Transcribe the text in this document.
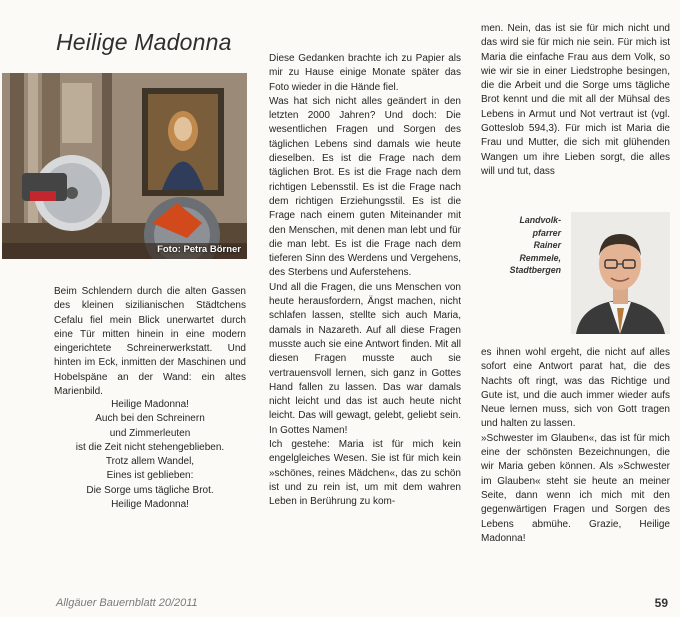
Heilige Madonna
Foto: Petra Börner

Beim Schlendern durch die alten Gassen des kleinen sizilianischen Städtchens Cefalu fiel mein Blick unerwartet durch eine Tür mitten hinein in eine modern eingerichtete Schreinerwerkstatt. Und hinten im Eck, inmitten der Maschinen und Hobelspäne an der Wand: ein altes Marienbild.

Heilige Madonna!
Auch bei den Schreinern
und Zimmerleuten
ist die Zeit nicht stehengeblieben.
Trotz allem Wandel,
Eines ist geblieben:
Die Sorge ums tägliche Brot.
Heilige Madonna!

Diese Gedanken brachte ich zu Papier als mir zu Hause einige Monate später das Foto wieder in die Hände fiel.

Was hat sich nicht alles geändert in den letzten 2000 Jahren? Und doch: Die wesentlichen Fragen und Sorgen des täglichen Lebens sind damals wie heute dieselben. Es ist die Frage nach dem täglichen Brot. Es ist die Frage nach dem richtigen Lebensstil. Es ist die Frage nach dem richtigen Erziehungsstil. Es ist die Frage nach einem guten Miteinander mit den Menschen, mit denen man lebt und für die man lebt. Es ist die Frage nach dem tieferen Sinn des Werdens und Vergehens, des Sterbens und Auferstehens.

Und all die Fragen, die uns Menschen von heute herausfordern, Ängst machen, nicht schlafen lassen, stellte sich auch Maria, damals in Nazareth. Auf all diese Fragen musste auch sie eine Antwort finden. Mit all diesen Fragen musste auch sie vertrauensvoll lernen, sich ganz in Gottes Hand fallen zu lassen. Das war damals nicht leicht und das ist auch heute nicht leicht. Das will gewagt, gelebt, geliebt sein. In Gottes Namen!

Ich gestehe: Maria ist für mich kein engelgleiches Wesen. Sie ist für mich kein »schönes, reines Mädchen«, das zu schön ist und zu rein ist, um mit dem wahren Leben in Berührung zu kom-

men. Nein, das ist sie für mich nicht und das wird sie für mich nie sein. Für mich ist Maria die einfache Frau aus dem Volk, so wie wir sie in einer Liedstrophe besingen, die die Arbeit und die Sorge ums tägliche Brot kennt und die mit all der Mühsal des Lebens in Armut und Not vertraut ist (vgl. Gotteslob 594,3). Für mich ist Maria die Frau und Mutter, die sich mit glühenden Wangen um ihre Lieben sorgt, die alles will und tut, dass

Landvolk-
pfarrer
Rainer
Remmele,
Stadtbergen

es ihnen wohl ergeht, die nicht auf alles sofort eine Antwort parat hat, die des Nachts oft ringt, was das Richtige und Gute ist, und die auch immer wieder aufs Neue lernen muss, sich von Gott tragen und halten zu lassen.

»Schwester im Glauben«, das ist für mich eine der schönsten Bezeichnungen, die wir Maria geben können. Als »Schwester im Glauben« steht sie heute an meiner Seite, dann wenn ich mich mit den gegenwärtigen Fragen und Sorgen des Lebens abmühe. Grazie, Heilige Madonna!

Allgäuer Bauernblatt 20/2011	59
